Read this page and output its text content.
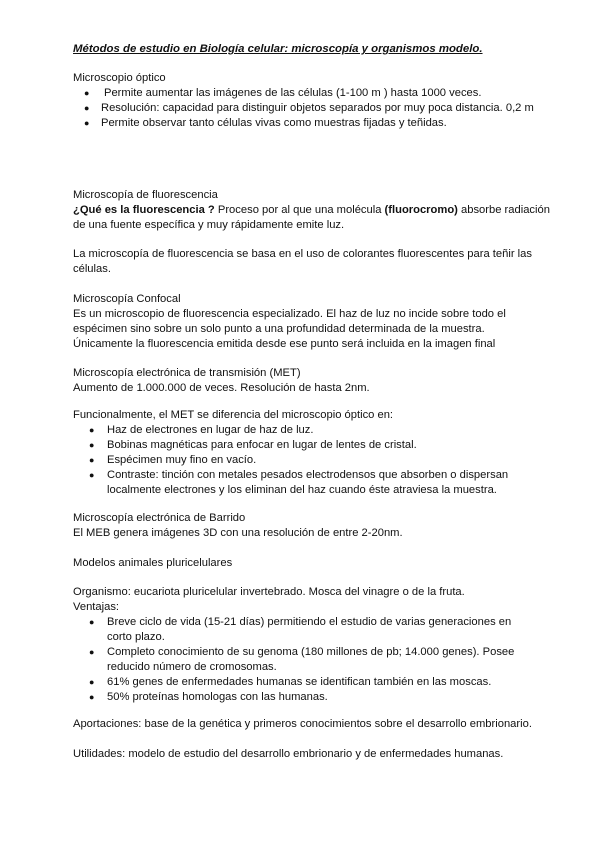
Métodos de estudio en Biología celular: microscopía y organismos modelo.
Microscopio óptico
● Permite aumentar las imágenes de las células (1-100 m ) hasta 1000 veces.
● Resolución: capacidad para distinguir objetos separados por muy poca distancia. 0,2 m
● Permite observar tanto células vivas como muestras fijadas y teñidas.
Microscopía de fluorescencia
¿Qué es la fluorescencia ? Proceso por al que una molécula (fluorocromo) absorbe radiación
de una fuente específica y muy rápidamente emite luz.
La microscopía de fluorescencia se basa en el uso de colorantes fluorescentes para teñir las
células.
Microscopía Confocal
Es un microscopio de fluorescencia especializado. El haz de luz no incide sobre todo el
espécimen sino sobre un solo punto a una profundidad determinada de la muestra.
Únicamente la fluorescencia emitida desde ese punto será incluida en la imagen final
Microscopía electrónica de transmisión (MET)
Aumento de 1.000.000 de veces. Resolución de hasta 2nm.
Funcionalmente, el MET se diferencia del microscopio óptico en:
● Haz de electrones en lugar de haz de luz.
● Bobinas magnéticas para enfocar en lugar de lentes de cristal.
● Espécimen muy fino en vacío.
● Contraste: tinción con metales pesados electrodensos que absorben o dispersan
localmente electrones y los eliminan del haz cuando éste atraviesa la muestra.
Microscopía electrónica de Barrido
El MEB genera imágenes 3D con una resolución de entre 2-20nm.
Modelos animales pluricelulares
Organismo: eucariota pluricelular invertebrado. Mosca del vinagre o de la fruta.
Ventajas:
● Breve ciclo de vida (15-21 días) permitiendo el estudio de varias generaciones en
corto plazo.
● Completo conocimiento de su genoma (180 millones de pb; 14.000 genes). Posee
reducido número de cromosomas.
● 61% genes de enfermedades humanas se identifican también en las moscas.
● 50% proteínas homologas con las humanas.
Aportaciones: base de la genética y primeros conocimientos sobre el desarrollo embrionario.
Utilidades: modelo de estudio del desarrollo embrionario y de enfermedades humanas.
